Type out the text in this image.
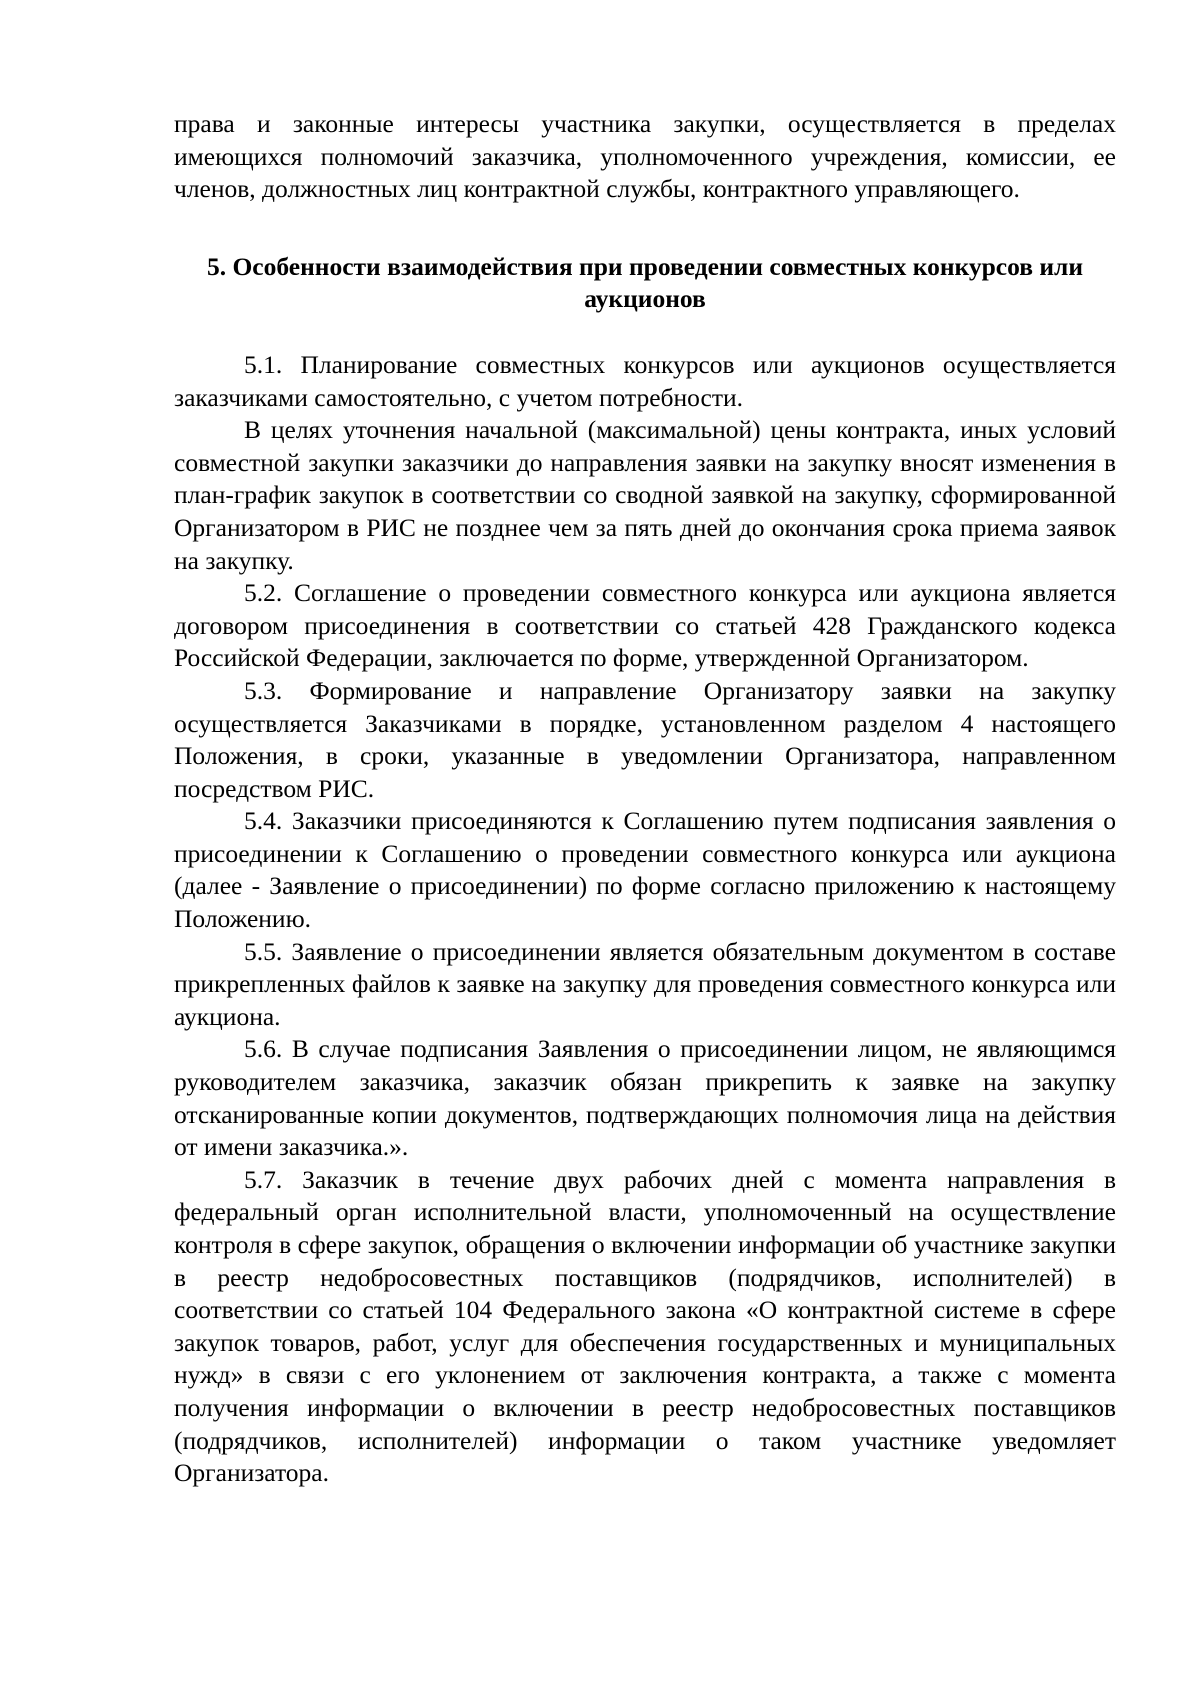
права и законные интересы участника закупки, осуществляется в пределах имеющихся полномочий заказчика, уполномоченного учреждения, комиссии, ее членов, должностных лиц контрактной службы, контрактного управляющего.

5. Особенности взаимодействия при проведении совместных конкурсов или аукционов

5.1. Планирование совместных конкурсов или аукционов осуществляется заказчиками самостоятельно, с учетом потребности.

В целях уточнения начальной (максимальной) цены контракта, иных условий совместной закупки заказчики до направления заявки на закупку вносят изменения в план-график закупок в соответствии со сводной заявкой на закупку, сформированной Организатором в РИС не позднее чем за пять дней до окончания срока приема заявок на закупку.

5.2. Соглашение о проведении совместного конкурса или аукциона является договором присоединения в соответствии со статьей 428 Гражданского кодекса Российской Федерации, заключается по форме, утвержденной Организатором.

5.3. Формирование и направление Организатору заявки на закупку осуществляется Заказчиками в порядке, установленном разделом 4 настоящего Положения, в сроки, указанные в уведомлении Организатора, направленном посредством РИС.

5.4. Заказчики присоединяются к Соглашению путем подписания заявления о присоединении к Соглашению о проведении совместного конкурса или аукциона (далее - Заявление о присоединении) по форме согласно приложению к настоящему Положению.

5.5. Заявление о присоединении является обязательным документом в составе прикрепленных файлов к заявке на закупку для проведения совместного конкурса или аукциона.

5.6. В случае подписания Заявления о присоединении лицом, не являющимся руководителем заказчика, заказчик обязан прикрепить к заявке на закупку отсканированные копии документов, подтверждающих полномочия лица на действия от имени заказчика.».

5.7. Заказчик в течение двух рабочих дней с момента направления в федеральный орган исполнительной власти, уполномоченный на осуществление контроля в сфере закупок, обращения о включении информации об участнике закупки в реестр недобросовестных поставщиков (подрядчиков, исполнителей) в соответствии со статьей 104 Федерального закона «О контрактной системе в сфере закупок товаров, работ, услуг для обеспечения государственных и муниципальных нужд» в связи с его уклонением от заключения контракта, а также с момента получения информации о включении в реестр недобросовестных поставщиков (подрядчиков, исполнителей) информации о таком участнике уведомляет Организатора.
